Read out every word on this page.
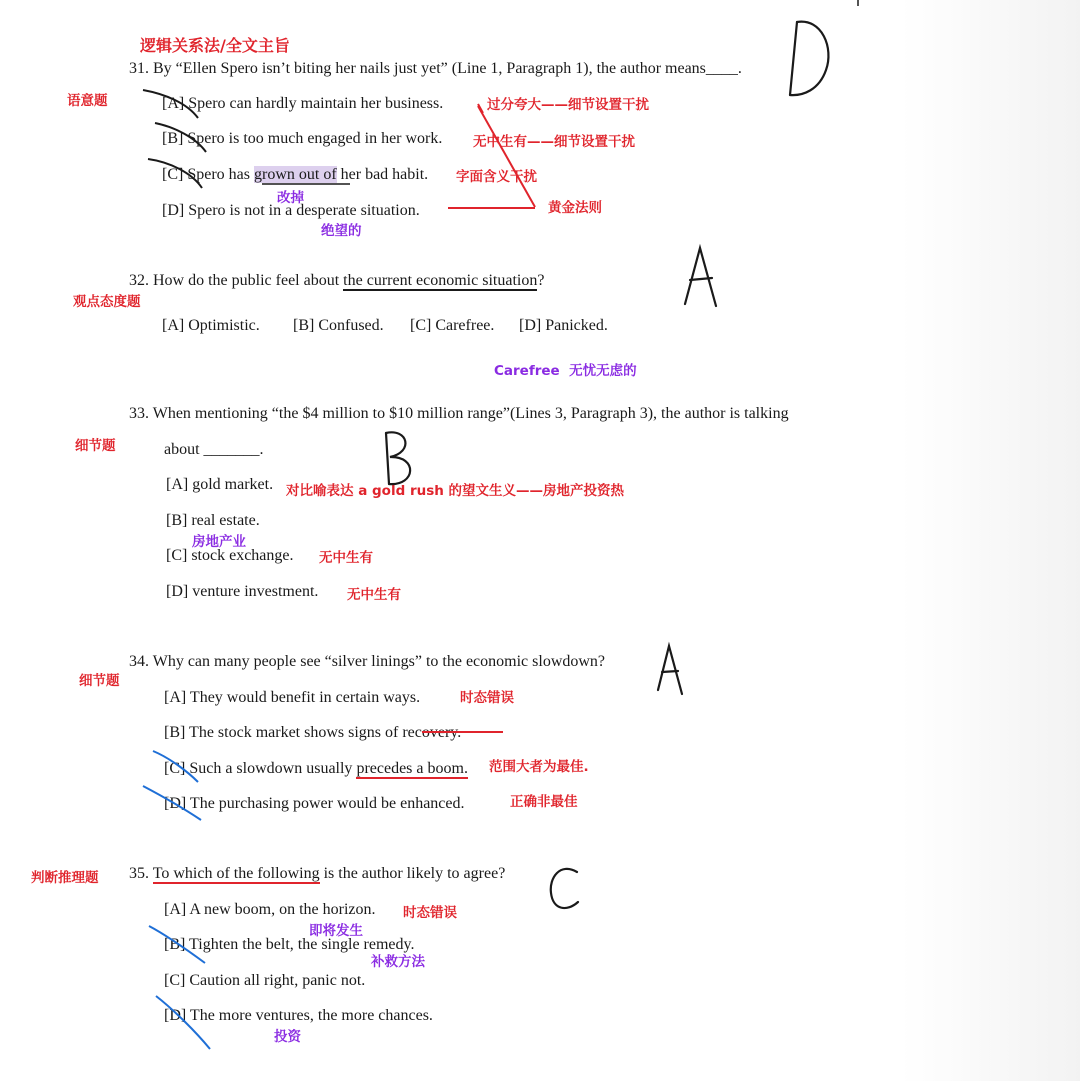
逻辑关系法/全文主旨
语意题
31. By “Ellen Spero isn’t biting her nails just yet” (Line 1, Paragraph 1), the author means____.
[A] Spero can hardly maintain her business.	过分夸大——细节设置干扰
[B] Spero is too much engaged in her work. 无中生有——细节设置干扰
[C] Spero has grown out of her bad habit. 字面含义干扰
改掉
[D] Spero is not in a desperate situation.	黄金法则
绝望的
观点态度题
32. How do the public feel about the current economic situation?
[A] Optimistic. [B] Confused. [C] Carefree. [D] Panicked.
Carefree 无忧无虑的
细节题
33. When mentioning “the $4 million to $10 million range”(Lines 3, Paragraph 3), the author is talking
about _______.
[A] gold market. 对比喻表达 a gold rush 的望文生义——房地产投资热
[B] real estate.
房地产业
[C] stock exchange. 无中生有
[D] venture investment. 无中生有
细节题
34. Why can many people see “silver linings” to the economic slowdown?
[A] They would benefit in certain ways.	时态错误
[B] The stock market shows signs of recovery.
[C] Such a slowdown usually precedes a boom. 范围大者为最佳.
[D] The purchasing power would be enhanced.	正确非最佳
判断推理题 35. To which of the following is the author likely to agree?
[A] A new boom, on the horizon. 时态错误
即将发生
[B] Tighten the belt, the single remedy.
补救方法
[C] Caution all right, panic not.
[D] The more ventures, the more chances.
投资
